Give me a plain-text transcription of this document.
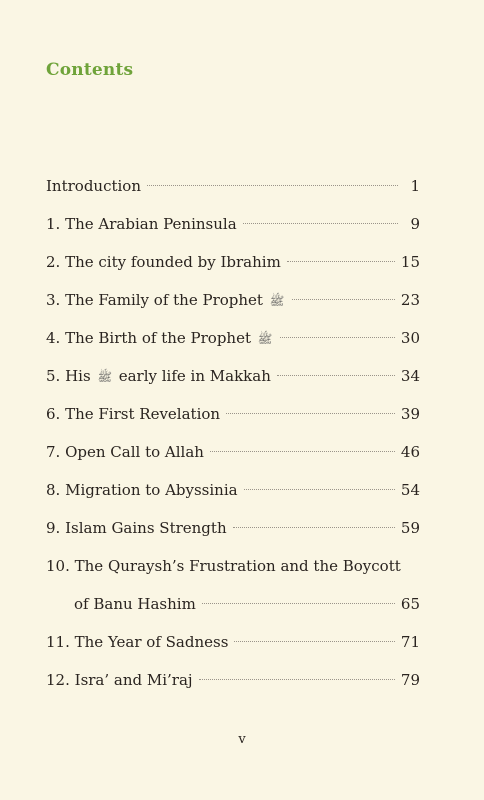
Contents
Introduction	1
1. The Arabian Peninsula	9
2. The city founded by Ibrahim	15
3. The Family of the Prophet ﷺ	23
4. The Birth of the Prophet ﷺ	30
5. His ﷺ early life in Makkah	34
6. The First Revelation	39
7. Open Call to Allah	46
8. Migration to Abyssinia	54
9. Islam Gains Strength	59
10. The Quraysh’s Frustration and the Boycott
of Banu Hashim	65
11. The Year of Sadness	71
12. Isra’ and Mi’raj	79
v
